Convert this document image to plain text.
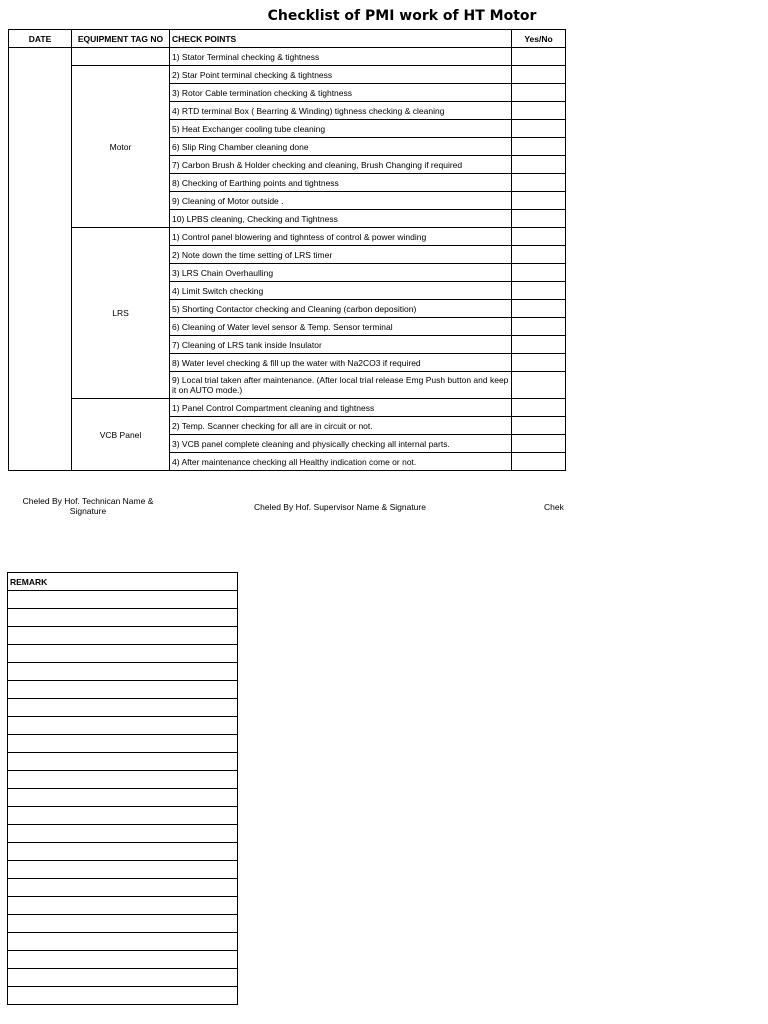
Checklist of PMI work of HT Motor
DATE	EQUIPMENT TAG NO	CHECK POINTS	Yes/No
		1) Stator Terminal checking & tightness	
	Motor	2) Star Point terminal checking & tightness	
		3) Rotor Cable termination checking & tightness	
		4) RTD terminal Box ( Bearring & Winding) tighness checking & cleaning	
		5) Heat Exchanger cooling tube cleaning	
		6) Slip Ring Chamber cleaning done	
		7) Carbon Brush & Holder checking and cleaning, Brush Changing if required	
		8) Checking of Earthing points and tightness	
		9) Cleaning of Motor outside .	
		10) LPBS cleaning, Checking and Tightness	
	LRS	1) Control panel blowering and tighntess of control & power winding	
		2) Note down the time setting of LRS timer	
		3) LRS Chain Overhaulling	
		4) Limit Switch checking	
		5) Shorting Contactor checking and Cleaning (carbon deposition)	
		6) Cleaning of Water level sensor & Temp. Sensor terminal	
		7) Cleaning of LRS tank inside Insulator	
		8) Water level checking & fill up the water with Na2CO3 if required	
		9) Local trial taken after maintenance. (After local trial release Emg Push button and keep it on AUTO mode.)	
	VCB Panel	1) Panel Control Compartment cleaning and tightness	
		2) Temp. Scanner checking for all are in circuit or not.	
		3) VCB panel complete cleaning and physically checking all internal parts.	
		4) After maintenance checking all Healthy indication come or not.	
Cheled By Hof. Technican Name & Signature	Cheled By Hof. Supervisor Name & Signature	Chek
REMARK
